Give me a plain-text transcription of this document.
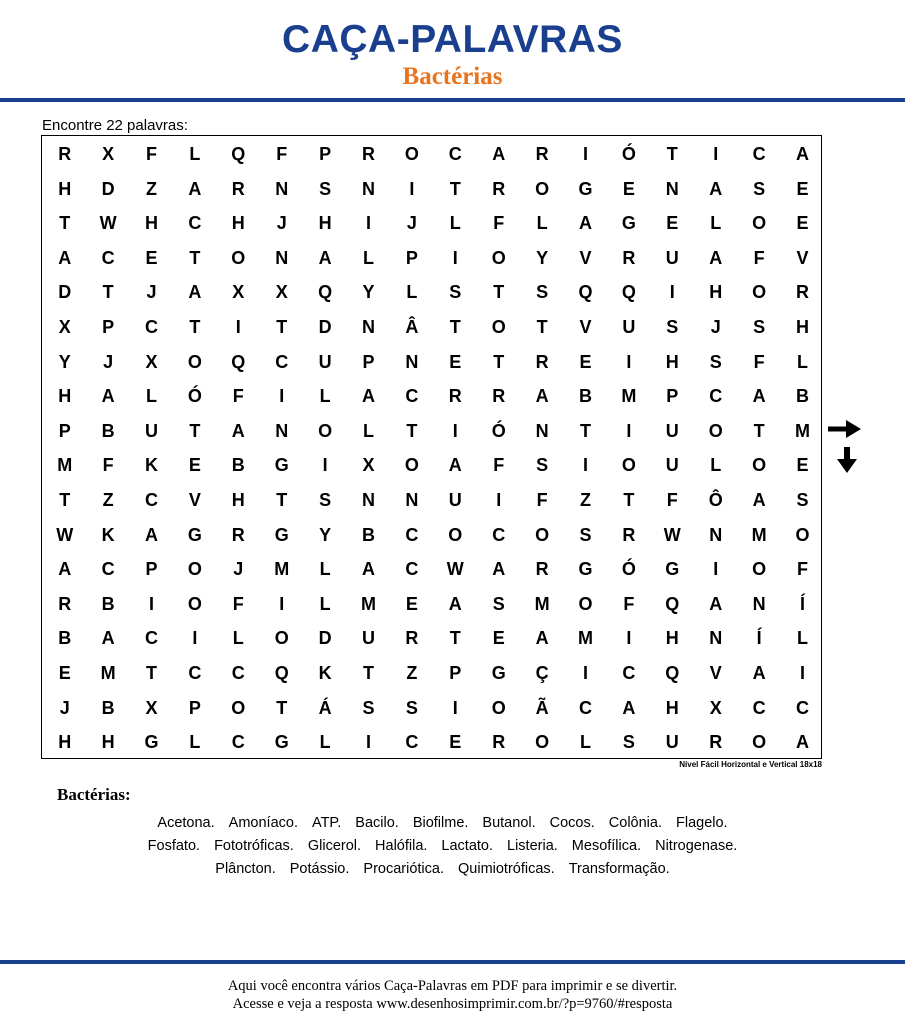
CAÇA-PALAVRAS
Bactérias
Encontre 22 palavras:
R	X	F	L	Q	F	P	R	O	C	A	R	I	Ó	T	I	C	A
H	D	Z	A	R	N	S	N	I	T	R	O	G	E	N	A	S	E
T	W	H	C	H	J	H	I	J	L	F	L	A	G	E	L	O	E
A	C	E	T	O	N	A	L	P	I	O	Y	V	R	U	A	F	V
D	T	J	A	X	X	Q	Y	L	S	T	S	Q	Q	I	H	O	R
X	P	C	T	I	T	D	N	Â	T	O	T	V	U	S	J	S	H
Y	J	X	O	Q	C	U	P	N	E	T	R	E	I	H	S	F	L
H	A	L	Ó	F	I	L	A	C	R	R	A	B	M	P	C	A	B
P	B	U	T	A	N	O	L	T	I	Ó	N	T	I	U	O	T	M
M	F	K	E	B	G	I	X	O	A	F	S	I	O	U	L	O	E
T	Z	C	V	H	T	S	N	N	U	I	F	Z	T	F	Ô	A	S
W	K	A	G	R	G	Y	B	C	O	C	O	S	R	W	N	M	O
A	C	P	O	J	M	L	A	C	W	A	R	G	Ó	G	I	O	F
R	B	I	O	F	I	L	M	E	A	S	M	O	F	Q	A	N	Í
B	A	C	I	L	O	D	U	R	T	E	A	M	I	H	N	Í	L
E	M	T	C	C	Q	K	T	Z	P	G	Ç	I	C	Q	V	A	I
J	B	X	P	O	T	Á	S	S	I	O	Ã	C	A	H	X	C	C
H	H	G	L	C	G	L	I	C	E	R	O	L	S	U	R	O	A
Nível Fácil Horizontal e Vertical 18x18
Bactérias:
Acetona. Amoníaco. ATP. Bacilo. Biofilme. Butanol. Cocos. Colônia. Flagelo.
Fosfato. Fototróficas. Glicerol. Halófila. Lactato. Listeria. Mesofílica. Nitrogenase.
Plâncton. Potássio. Procariótica. Quimiotróficas. Transformação.
Aqui você encontra vários Caça-Palavras em PDF para imprimir e se divertir.
Acesse e veja a resposta www.desenhosimprimir.com.br/?p=9760/#resposta
